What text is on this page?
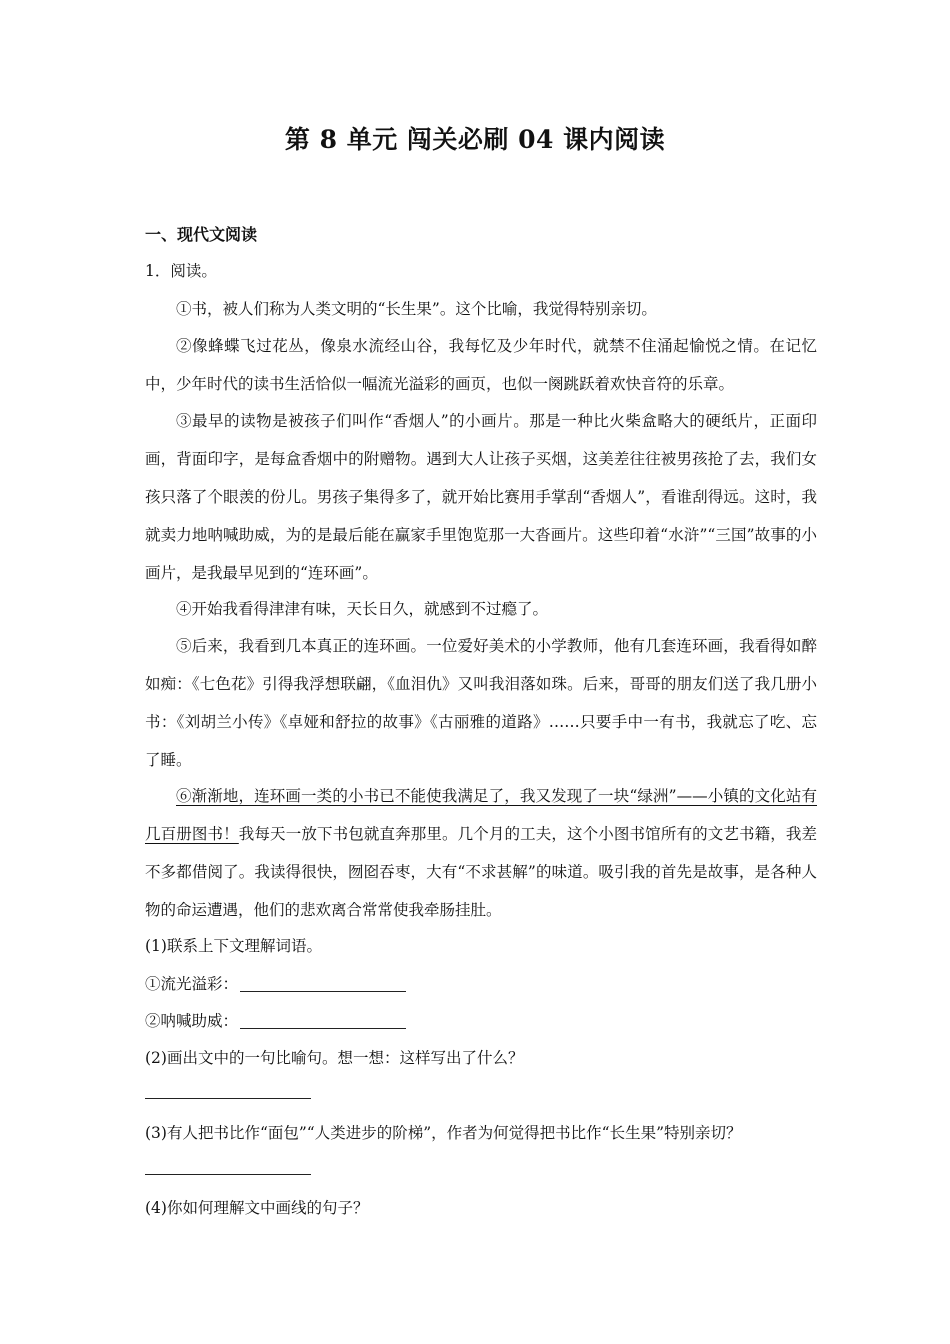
第 8 单元 闯关必刷 04 课内阅读
一、现代文阅读
1．阅读。
①书，被人们称为人类文明的“长生果”。这个比喻，我觉得特别亲切。
②像蜂蝶飞过花丛，像泉水流经山谷，我每忆及少年时代，就禁不住涌起愉悦之情。在记忆中，少年时代的读书生活恰似一幅流光溢彩的画页，也似一阕跳跃着欢快音符的乐章。
③最早的读物是被孩子们叫作“香烟人”的小画片。那是一种比火柴盒略大的硬纸片，正面印画，背面印字，是每盒香烟中的附赠物。遇到大人让孩子买烟，这美差往往被男孩抢了去，我们女孩只落了个眼羡的份儿。男孩子集得多了，就开始比赛用手掌刮“香烟人”，看谁刮得远。这时，我就卖力地呐喊助威，为的是最后能在赢家手里饱览那一大沓画片。这些印着“水浒”“三国”故事的小画片，是我最早见到的“连环画”。
④开始我看得津津有味，天长日久，就感到不过瘾了。
⑤后来，我看到几本真正的连环画。一位爱好美术的小学教师，他有几套连环画，我看得如醉如痴：《七色花》引得我浮想联翩，《血泪仇》又叫我泪落如珠。后来，哥哥的朋友们送了我几册小书：《刘胡兰小传》《卓娅和舒拉的故事》《古丽雅的道路》……只要手中一有书，我就忘了吃、忘了睡。
⑥渐渐地，连环画一类的小书已不能使我满足了，我又发现了一块“绿洲”——小镇的文化站有几百册图书！我每天一放下书包就直奔那里。几个月的工夫，这个小图书馆所有的文艺书籍，我差不多都借阅了。我读得很快，囫囵吞枣，大有“不求甚解”的味道。吸引我的首先是故事，是各种人物的命运遭遇，他们的悲欢离合常常使我牵肠挂肚。
(1)联系上下文理解词语。
①流光溢彩：
②呐喊助威：
(2)画出文中的一句比喻句。想一想：这样写出了什么？
(3)有人把书比作“面包”“人类进步的阶梯”，作者为何觉得把书比作“长生果”特别亲切？
(4)你如何理解文中画线的句子？
